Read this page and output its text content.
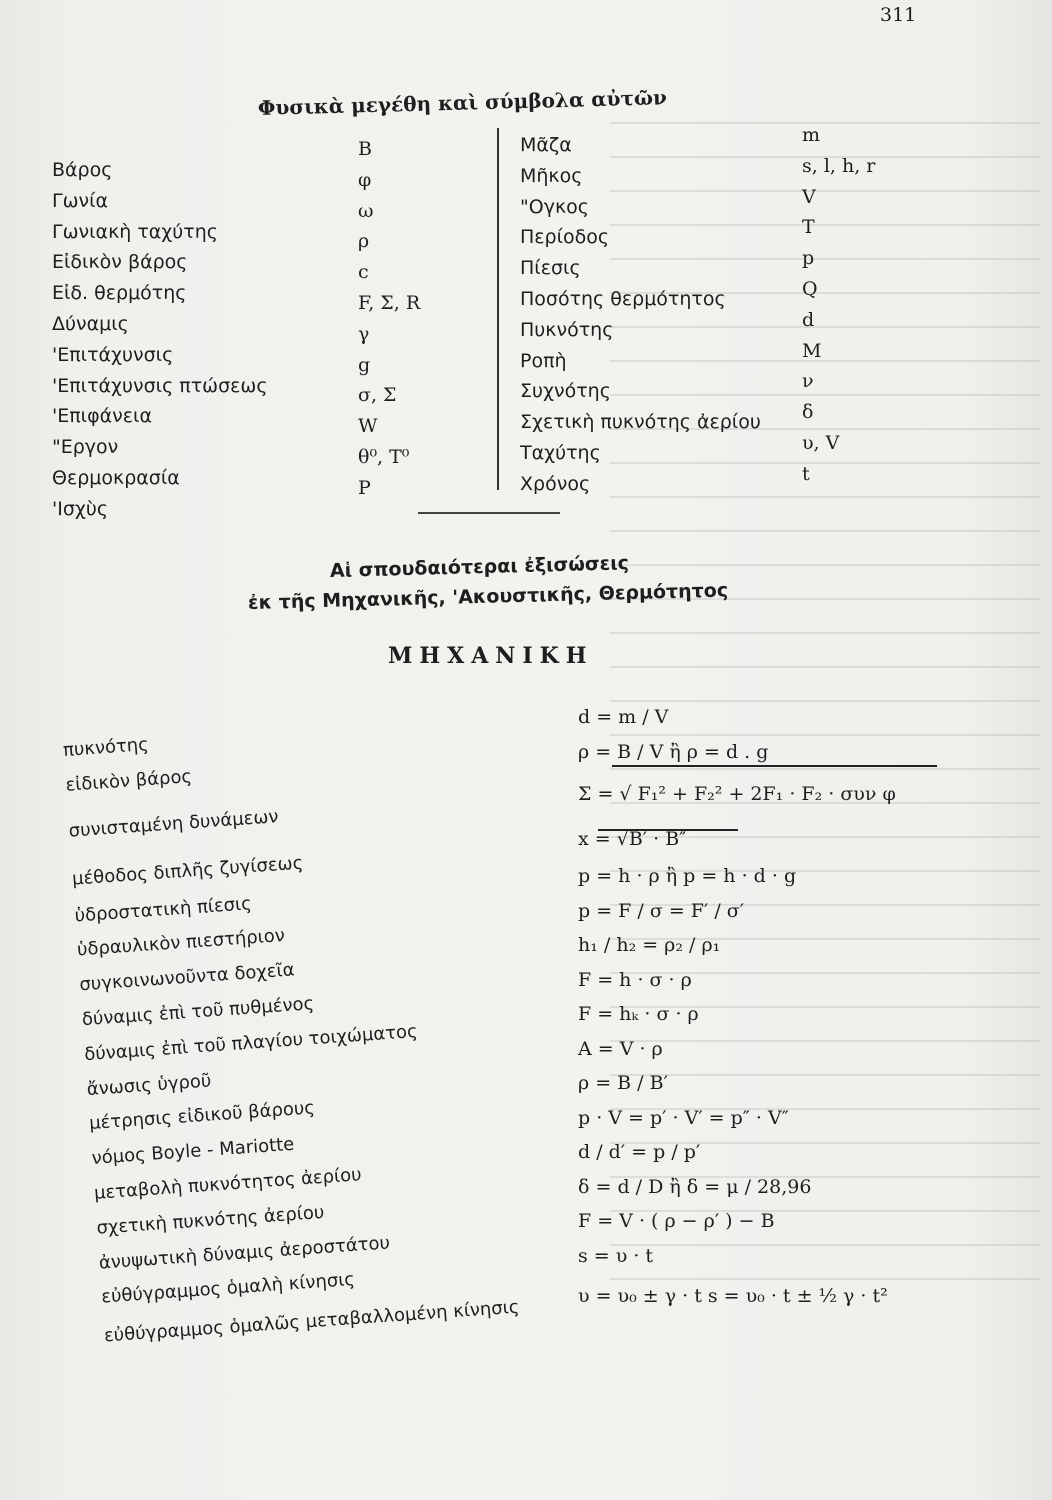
311
Φυσικὰ μεγέθη καὶ σύμβολα αὐτῶν
Βάρος
Γωνία
Γωνιακὴ ταχύτης
Εἰδικὸν βάρος
Εἰδ. θερμότης
Δύναμις
'Επιτάχυνσις
'Επιτάχυνσις πτώσεως
'Επιφάνεια
"Εργον
Θερμοκρασία
'Ισχὺς
B
φ
ω
ρ
c
F, Σ, R
γ
g
σ, Σ
W
θ⁰, T⁰
P
Μᾶζα
Μῆκος
"Ογκος
Περίοδος
Πίεσις
Ποσότης θερμότητος
Πυκνότης
Ροπὴ
Συχνότης
Σχετικὴ πυκνότης ἀερίου
Ταχύτης
Χρόνος
m
s, l, h, r
V
T
p
Q
d
M
ν
δ
υ, V
t
Αἱ σπουδαιότεραι ἐξισώσεις
ἐκ τῆς Μηχανικῆς, 'Ακουστικῆς, Θερμότητος
ΜΗΧΑΝΙΚΗ
πυκνότης
εἰδικὸν βάρος
συνισταμένη δυνάμεων
μέθοδος διπλῆς ζυγίσεως
ὑδροστατικὴ πίεσις
ὑδραυλικὸν πιεστήριον
συγκοινωνοῦντα δοχεῖα
δύναμις ἐπὶ τοῦ πυθμένος
δύναμις ἐπὶ τοῦ πλαγίου τοιχώματος
ἄνωσις ὑγροῦ
μέτρησις εἰδικοῦ βάρους
νόμος Boyle - Mariotte
μεταβολὴ πυκνότητος ἀερίου
σχετικὴ πυκνότης ἀερίου
ἀνυψωτικὴ δύναμις ἀεροστάτου
εὐθύγραμμος ὁμαλὴ κίνησις
εὐθύγραμμος ὁμαλῶς μεταβαλλομένη κίνησις
d = m / V
ρ = B / V ἢ ρ = d . g
Σ = √ F₁² + F₂² + 2F₁ · F₂ · συν φ
x = √B′ · B″
p = h · ρ ἢ p = h · d · g
p = F / σ = F′ / σ′
h₁ / h₂ = ρ₂ / ρ₁
F = h · σ · ρ
F = hₖ · σ · ρ
A = V · ρ
ρ = B / B′
p · V = p′ · V′ = p″ · V″
d / d′ = p / p′
δ = d / D ἢ δ = μ / 28,96
F = V · ( ρ − ρ′ ) − B
s = υ · t
υ = υ₀ ± γ · t s = υ₀ · t ± ½ γ · t²
